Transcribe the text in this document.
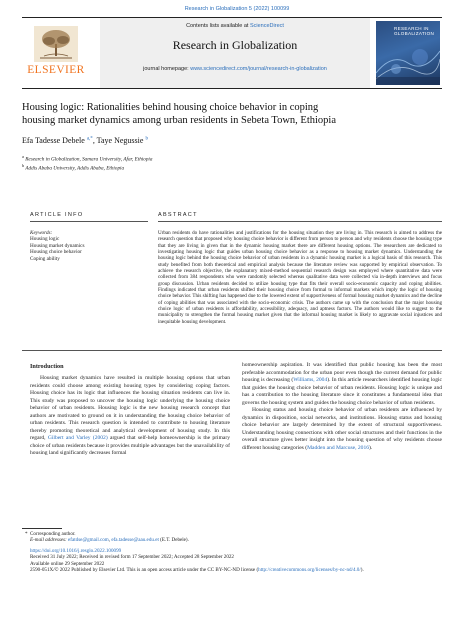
Research in Globalization 5 (2022) 100099
ELSEVIER
Contents lists available at ScienceDirect
Research in Globalization
journal homepage: www.sciencedirect.com/journal/research-in-globalization
RESEARCH IN
GLOBALIZATION
Housing logic: Rationalities behind housing choice behavior in coping
housing market dynamics among urban residents in Sebeta Town, Ethiopia
Efa Tadesse Debele $^{a,*}$, Taye Negussie $^b$
$^a$ Research in Globalization, Samara University, Afar, Ethiopia
$^b$ Addis Ababa University, Addis Ababa, Ethiopia
ARTICLE INFO	ABSTRACT
Keywords:
Housing logic
Housing market dynamics
Housing choice behavior
Coping ability
Urban residents do have rationalities and justifications for the housing situation they are living in. This research is aimed to address the research question that proposed why housing choice behavior is different from person to person and why residents choose the housing type that they are living in given that in the dynamic housing market there are different housing options. The researchers are dedicated to investigating housing logic that guides urban housing choice behavior as a response to housing market dynamics. Understanding the housing logic behind the housing choice behavior of urban residents in a dynamic housing market is a logical basis of this research. This study benefited from both theoretical and empirical analysis because the literature review was supported by empirical observation. To achieve the research objective, the explanatory mixed-method sequential research design was employed where quantitative data were collected from 384 respondents who were randomly selected whereas qualitative data were collected via in-depth interviews and focus group discussion. Urban residents decided to utilize housing type that fits their overall socio-economic capacity and coping abilities. Findings indicated that urban residents shifted their housing choice from formal to informal markets which imply the logic of housing choice behavior. This shifting has happened due to the lowered extent of supportiveness of formal housing market dynamics and the decline of coping abilities that was associated with the socio-economic crisis. The authors came up with the conclusion that the major housing choice logic of urban residents is affordability, accessibility, adequacy, and aptness factors. The authors would like to suggest to the municipality to strengthen the formal housing market given that the informal housing market is likely to aggravate social injustices and inequitable housing development.
Introduction

Housing market dynamics have resulted in multiple housing options that urban residents could choose among existing housing types by considering coping factors. Housing choice has its logic that influences the housing situation residents can live in. This study was proposed to uncover the housing logic underlying the housing choice behavior of urban residents. Housing logic is the new housing research concept that authors are motivated to ground on it in understanding the housing choice behavior of urban residents. This research question is intended to contribute to housing literature thereby promoting theoretical and analytical development of housing study. In this regard, Gilbert and Varley (2002) argued that self-help homeownership is the primary choice of urban residents because it provides multiple advantages but the unavailability of housing land significantly decreases formal

homeownership aspiration. It was identified that public housing has been the most preferable accommodation for the urban poor even though the current demand for public housing is decreasing (Williams, 2004). In this article researchers identified housing logic that guides the housing choice behavior of urban residents. Housing logic is unique and has a contribution to the housing literature since it constitutes a fundamental idea that governs the housing system and guides the housing choice behavior of urban residents.

Housing status and housing choice behavior of urban residents are influenced by dynamics in disposition, social networks, and institutions. Housing status and housing choice behavior are largely determined by the extent of structural supportiveness. Understanding housing connections with other social structures and their functions in the overall structure gives better insight into the housing question of why residents choose different housing categories (Madden and Marcuse, 2016).

* Corresponding author.
E-mail addresses: efatdse@gmail.com, efa.tadesse@aau.edu.et (E.T. Debele).
https://doi.org/10.1016/j.resglo.2022.100099
Received 31 July 2022; Received in revised form 17 September 2022; Accepted 28 September 2022
Available online 29 September 2022
2590-051X/© 2022 Published by Elsevier Ltd. This is an open access article under the CC BY-NC-ND license (http://creativecommons.org/licenses/by-nc-nd/4.0/).
